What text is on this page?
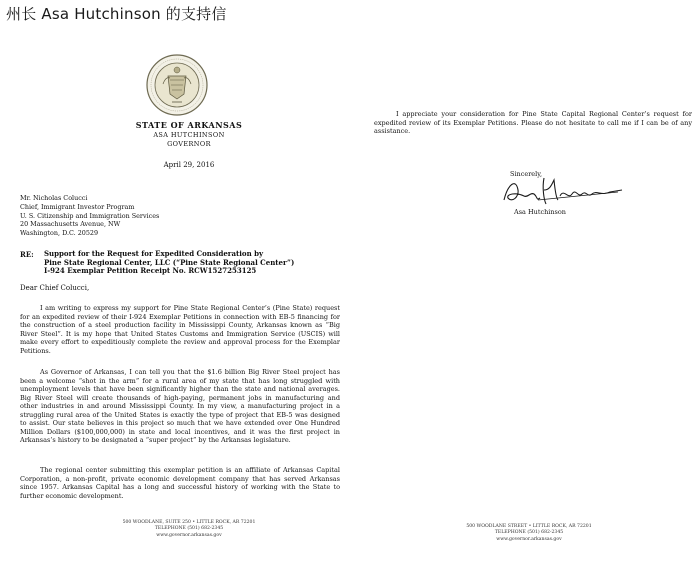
州长 Asa Hutchinson 的支持信
STATE OF ARKANSAS
ASA HUTCHINSON
GOVERNOR
April 29, 2016
Mr. Nicholas Colucci
Chief, Immigrant Investor Program
U. S. Citizenship and Immigration Services
20 Massachusetts Avenue, NW
Washington, D.C. 20529
RE: Support for the Request for Expedited Consideration by
Pine State Regional Center, LLC (“Pine State Regional Center”)
I-924 Exemplar Petition Receipt No. RCW1527253125
Dear Chief Colucci,

I am writing to express my support for Pine State Regional Center’s (Pine State) request for an expedited review of their I-924 Exemplar Petitions in connection with EB-5 financing for the construction of a steel production facility in Mississippi County, Arkansas known as “Big River Steel”. It is my hope that United States Customs and Immigration Service (USCIS) will make every effort to expeditiously complete the review and approval process for the Exemplar Petitions.

As Governor of Arkansas, I can tell you that the $1.6 billion Big River Steel project has been a welcome “shot in the arm” for a rural area of my state that has long struggled with unemployment levels that have been significantly higher than the state and national averages. Big River Steel will create thousands of high-paying, permanent jobs in manufacturing and other industries in and around Mississippi County. In my view, a manufacturing project in a struggling rural area of the United States is exactly the type of project that EB-5 was designed to assist. Our state believes in this project so much that we have extended over One Hundred Million Dollars ($100,000,000) in state and local incentives, and it was the first project in Arkansas’s history to be designated a “super project” by the Arkansas legislature.

The regional center submitting this exemplar petition is an affiliate of Arkansas Capital Corporation, a non-profit, private economic development company that has served Arkansas since 1957. Arkansas Capital has a long and successful history of working with the State to further economic development.

500 WOODLANE, SUITE 250 • LITTLE ROCK, AR 72201
TELEPHONE (501) 682-2345
www.governor.arkansas.gov

I appreciate your consideration for Pine State Capital Regional Center’s request for expedited review of its Exemplar Petitions. Please do not hesitate to call me if I can be of any assistance.

Sincerely,
Asa Hutchinson
500 WOODLANE STREET • LITTLE ROCK, AR 72201
TELEPHONE (501) 682-2345
www.governor.arkansas.gov
